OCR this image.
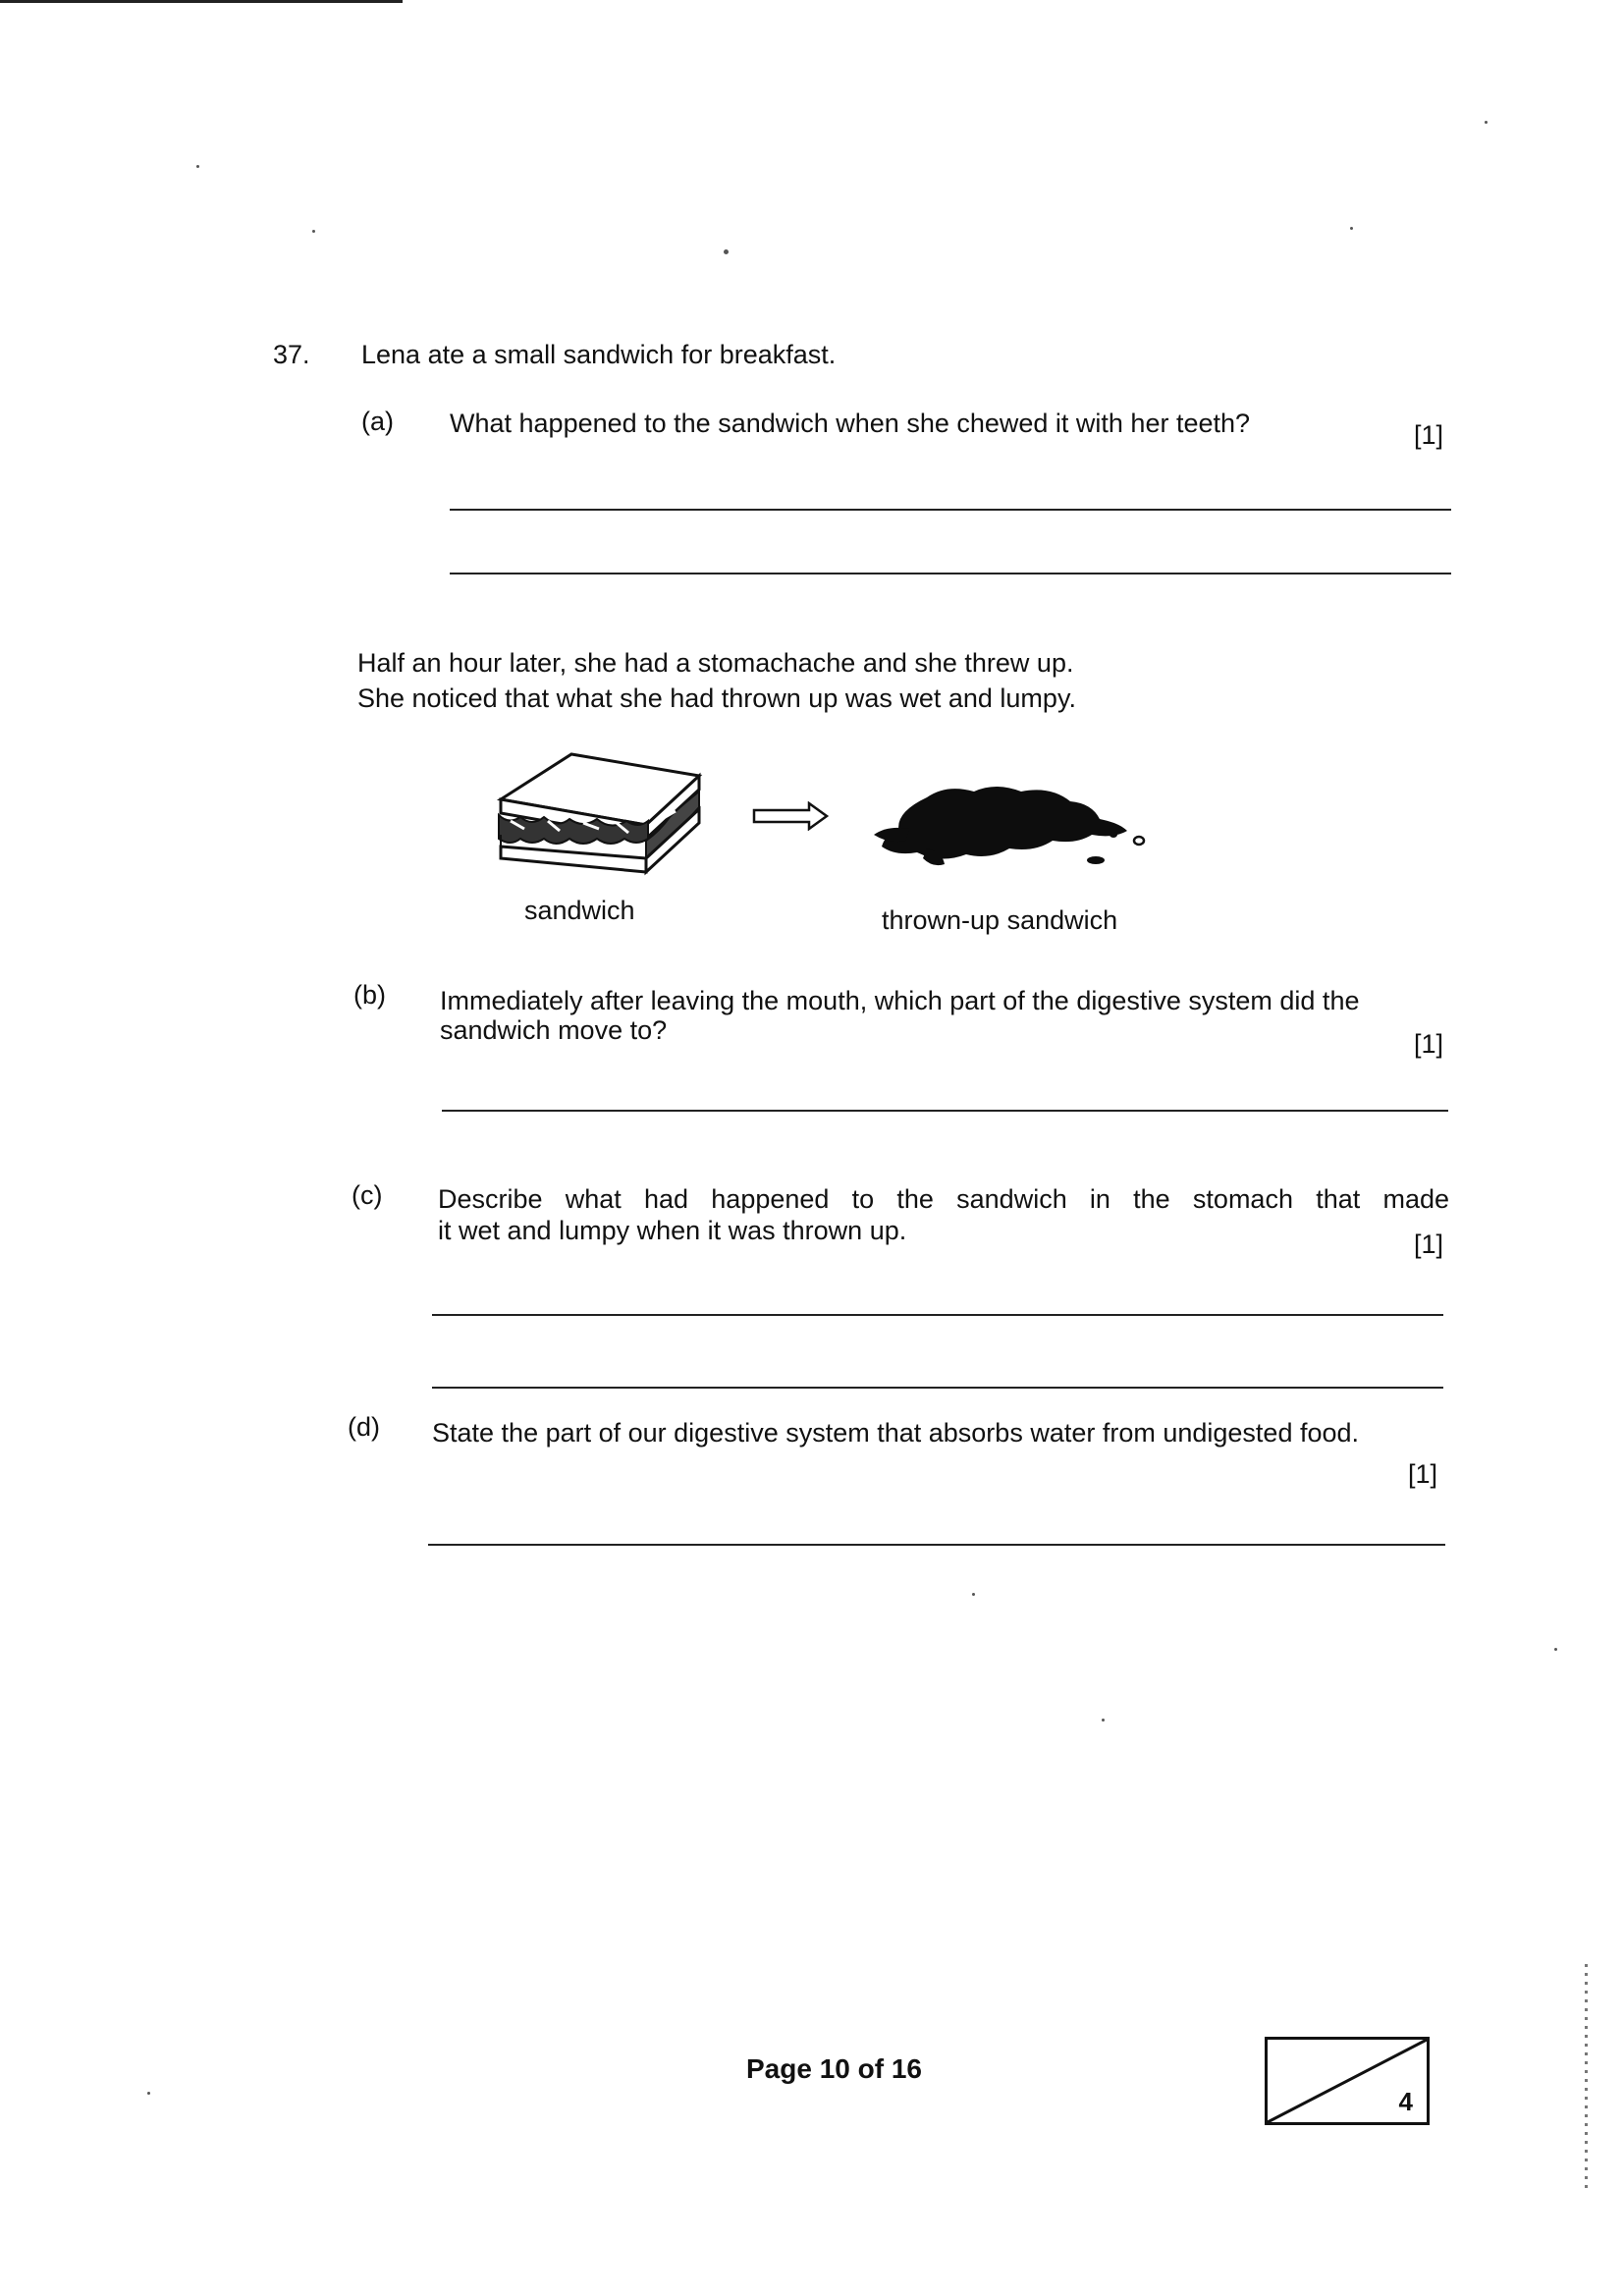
37. Lena ate a small sandwich for breakfast.
(a) What happened to the sandwich when she chewed it with her teeth?	[1]
Half an hour later, she had a stomachache and she threw up.
She noticed that what she had thrown up was wet and lumpy.
sandwich	thrown-up sandwich
(b) Immediately after leaving the mouth, which part of the digestive system did the
sandwich move to?	[1]
(c) Describe what had happened to the sandwich in the stomach that made
it wet and lumpy when it was thrown up.	[1]
(d) State the part of our digestive system that absorbs water from undigested food.
[1]
Page 10 of 16
4
